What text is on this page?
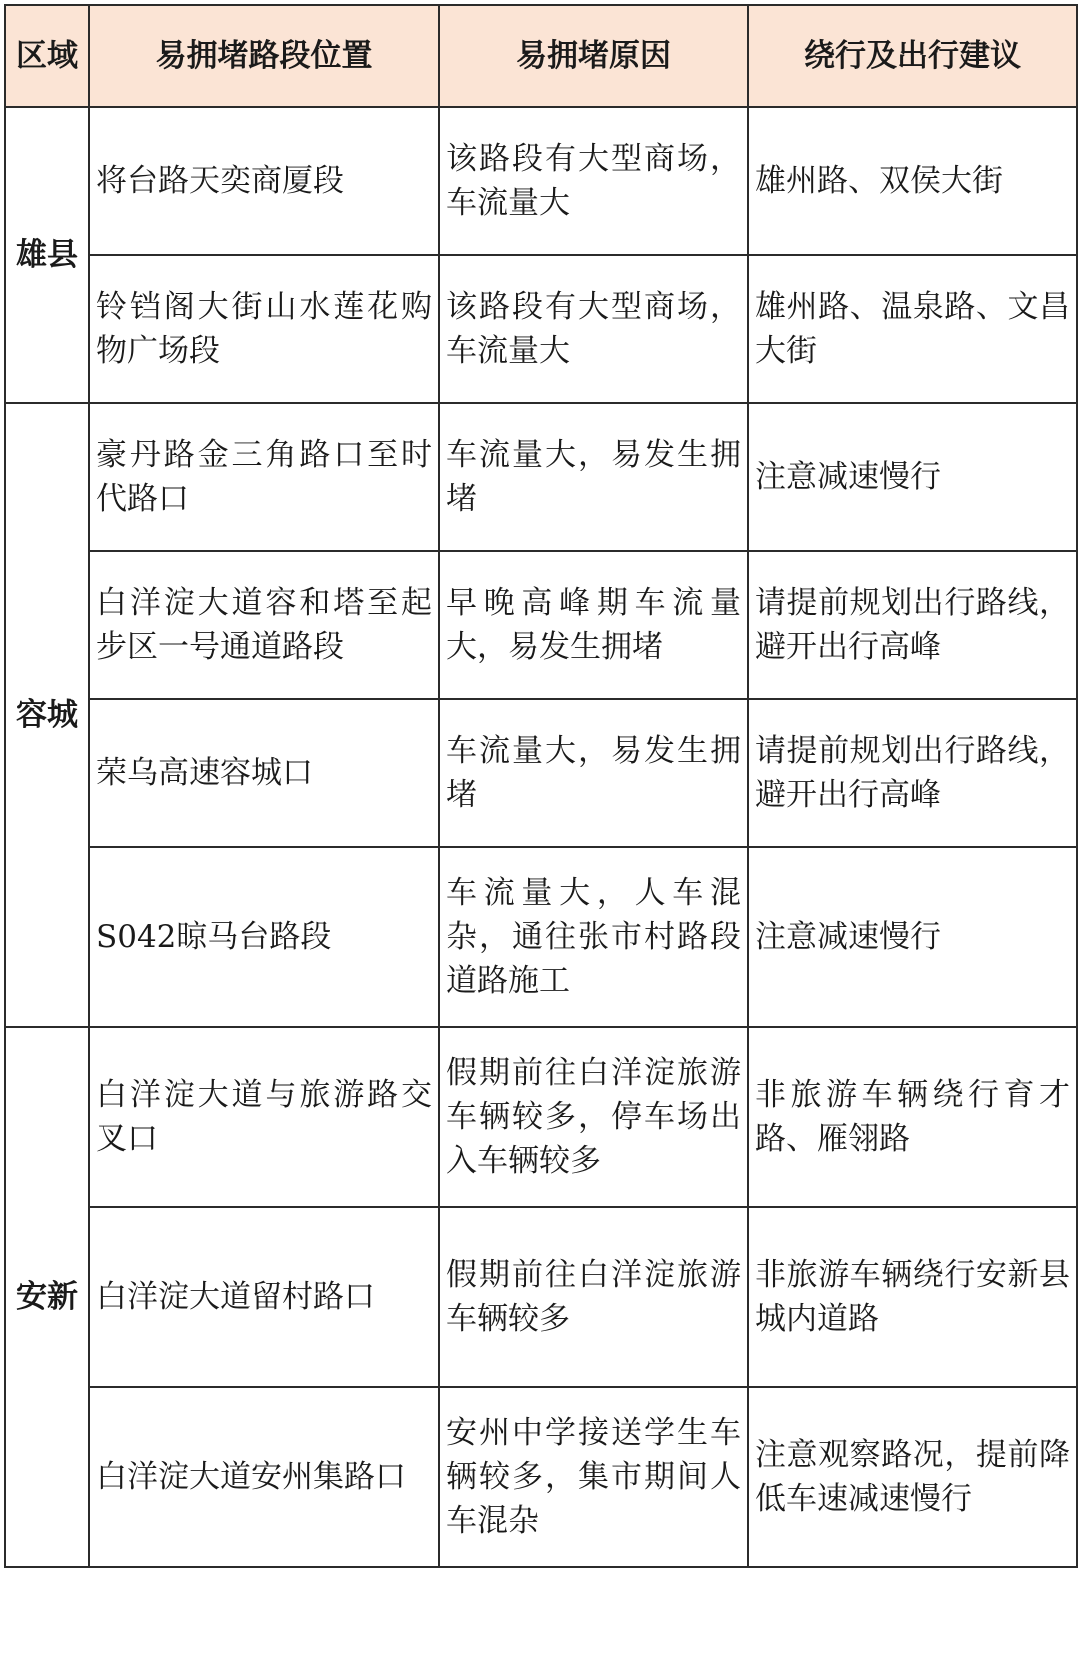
区域	易拥堵路段位置	易拥堵原因	绕行及出行建议
雄县	将台路天奕商厦段	该路段有大型商场，车流量大	雄州路、双侯大街
	铃铛阁大街山水莲花购物广场段	该路段有大型商场，车流量大	雄州路、温泉路、文昌大街
容城	豪丹路金三角路口至时代路口	车流量大，易发生拥堵	注意减速慢行
	白洋淀大道容和塔至起步区一号通道路段	早晚高峰期车流量大，易发生拥堵	请提前规划出行路线，避开出行高峰
	荣乌高速容城口	车流量大，易发生拥堵	请提前规划出行路线，避开出行高峰
	S042晾马台路段	车流量大，人车混杂，通往张市村路段道路施工	注意减速慢行
安新	白洋淀大道与旅游路交叉口	假期前往白洋淀旅游车辆较多，停车场出入车辆较多	非旅游车辆绕行育才路、雁翎路
	白洋淀大道留村路口	假期前往白洋淀旅游车辆较多	非旅游车辆绕行安新县城内道路
	白洋淀大道安州集路口	安州中学接送学生车辆较多，集市期间人车混杂	注意观察路况，提前降低车速减速慢行
